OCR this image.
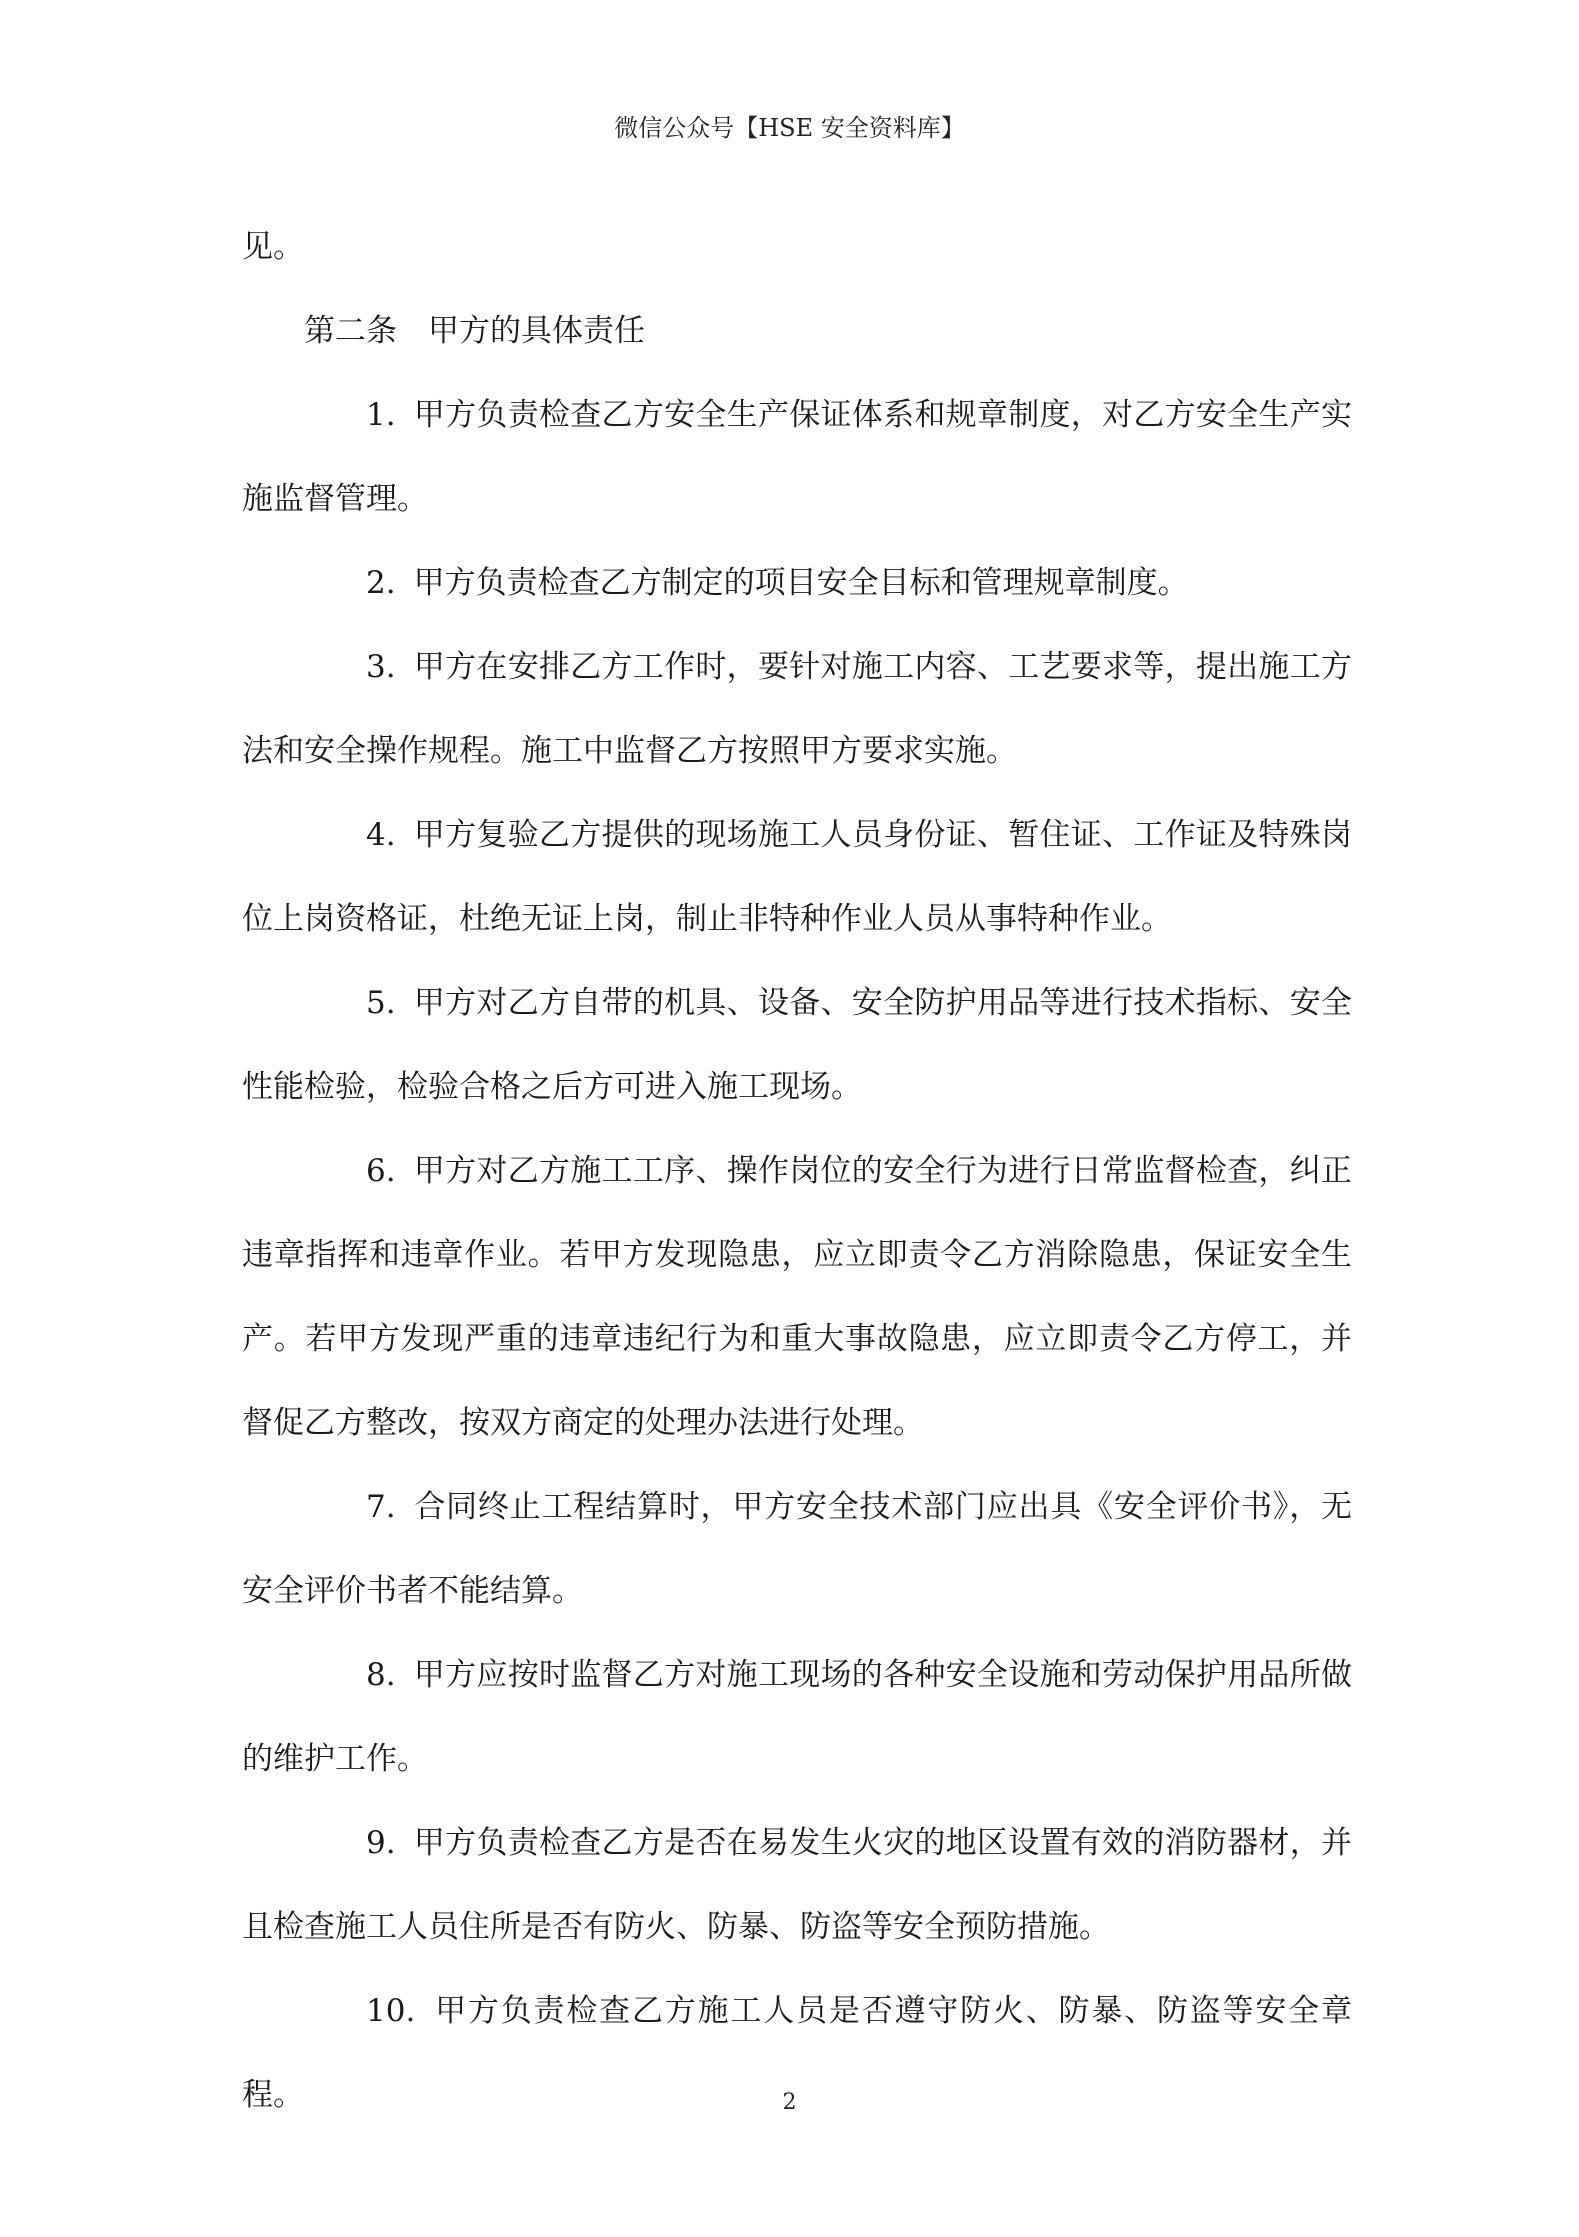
微信公众号【HSE 安全资料库】

见。

第二条　甲方的具体责任

1. 甲方负责检查乙方安全生产保证体系和规章制度，对乙方安全生产实施监督管理。

2. 甲方负责检查乙方制定的项目安全目标和管理规章制度。

3. 甲方在安排乙方工作时，要针对施工内容、工艺要求等，提出施工方法和安全操作规程。施工中监督乙方按照甲方要求实施。

4. 甲方复验乙方提供的现场施工人员身份证、暂住证、工作证及特殊岗位上岗资格证，杜绝无证上岗，制止非特种作业人员从事特种作业。

5. 甲方对乙方自带的机具、设备、安全防护用品等进行技术指标、安全性能检验，检验合格之后方可进入施工现场。

6. 甲方对乙方施工工序、操作岗位的安全行为进行日常监督检查，纠正违章指挥和违章作业。若甲方发现隐患，应立即责令乙方消除隐患，保证安全生产。若甲方发现严重的违章违纪行为和重大事故隐患，应立即责令乙方停工，并督促乙方整改，按双方商定的处理办法进行处理。

7. 合同终止工程结算时，甲方安全技术部门应出具《安全评价书》，无安全评价书者不能结算。

8. 甲方应按时监督乙方对施工现场的各种安全设施和劳动保护用品所做的维护工作。

9. 甲方负责检查乙方是否在易发生火灾的地区设置有效的消防器材，并且检查施工人员住所是否有防火、防暴、防盗等安全预防措施。

10. 甲方负责检查乙方施工人员是否遵守防火、防暴、防盗等安全章程。	2
